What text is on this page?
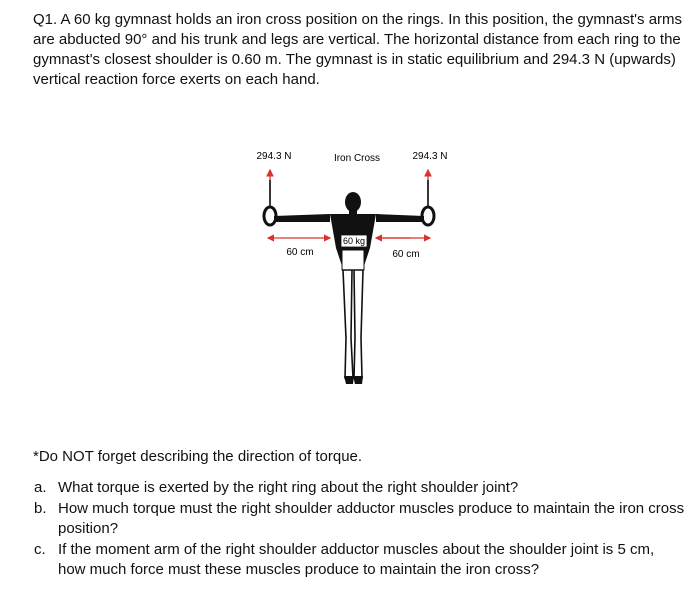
Q1. A 60 kg gymnast holds an iron cross position on the rings. In this position, the gymnast's arms are abducted 90° and his trunk and legs are vertical. The horizontal distance from each ring to the gymnast's closest shoulder is 0.60 m. The gymnast is in static equilibrium and 294.3 N (upwards) vertical reaction force exerts on each hand.

294.3 N	Iron Cross	294.3 N
60 kg
60 cm	60 cm

*Do NOT forget describing the direction of torque.

a. What torque is exerted by the right ring about the right shoulder joint?
b. How much torque must the right shoulder adductor muscles produce to maintain the iron cross position?
c. If the moment arm of the right shoulder adductor muscles about the shoulder joint is 5 cm, how much force must these muscles produce to maintain the iron cross?
